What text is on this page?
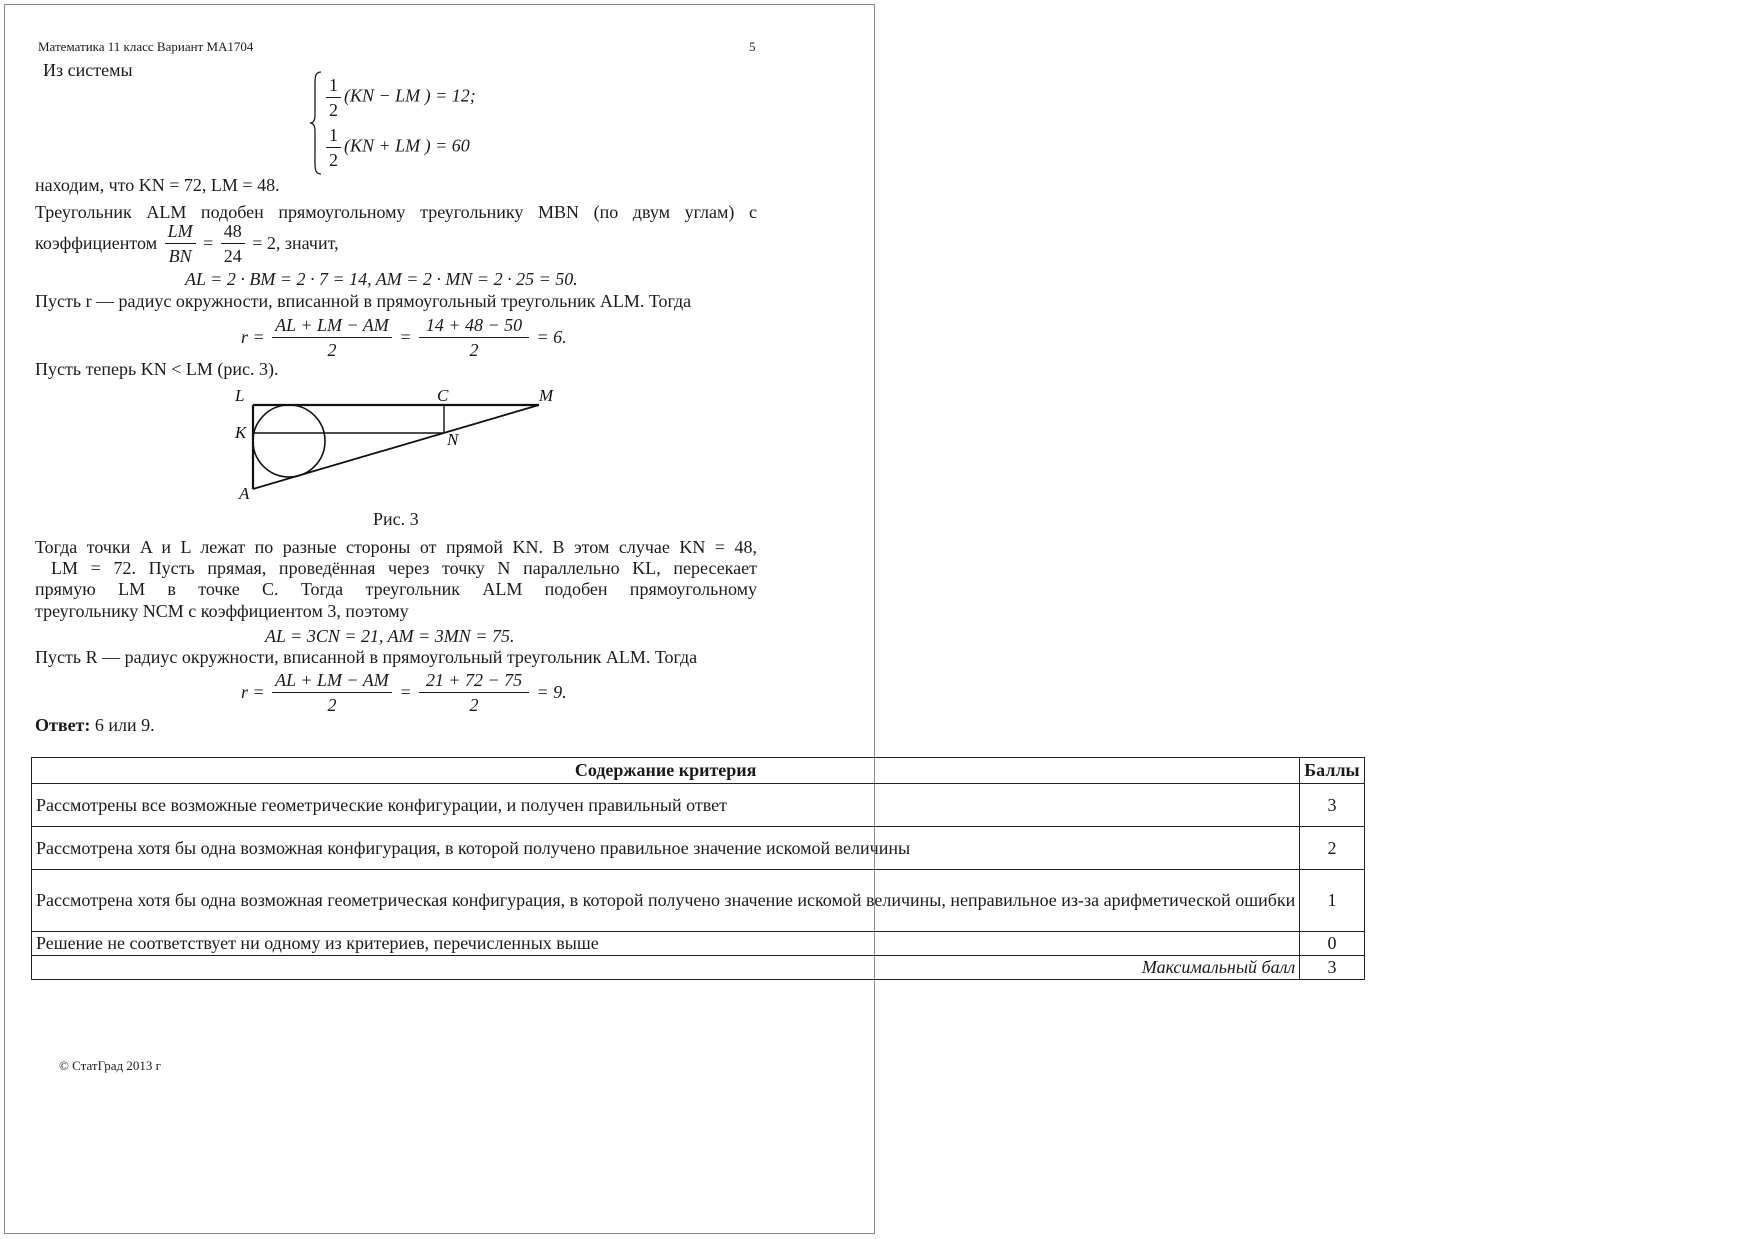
Математика 11 класс Вариант МА1704	5
Из системы
$\frac{1}{2} (KN$ − LM ) = 12;
$\frac{1}{2} (KN$ + LM ) = 60
находим, что KN = 72, LM = 48.
Треугольник ALM подобен прямоугольному треугольнику MBN (по двум углам) с
коэффициентом $\frac{LM}{BN} = \frac{48}{24} = 2$, значит,
AL = 2 · BM = 2 · 7 = 14, AM = 2 · MN = 2 · 25 = 50.
Пусть r — радиус окружности, вписанной в прямоугольный треугольник ALM. Тогда
$r = \frac{AL + LM - AM}{2} = \frac{14 + 48 - 50}{2} = 6$.
Пусть теперь KN < LM (рис. 3).
L	C	M
K	N
A
Рис. 3
Тогда точки A и L лежат по разные стороны от прямой KN. В этом случае KN = 48,
LM = 72. Пусть прямая, проведённая через точку N параллельно KL, пересекает
прямую LM в точке C. Тогда треугольник ALM подобен прямоугольному
треугольнику NCM с коэффициентом 3, поэтому
AL = 3CN = 21, AM = 3MN = 75.
Пусть R — радиус окружности, вписанной в прямоугольный треугольник ALM. Тогда
$r = \frac{AL + LM - AM}{2} = \frac{21 + 72 - 75}{2} = 9$.
Ответ: 6 или 9.
Содержание критерия	Баллы
Рассмотрены все возможные геометрические конфигурации, и получен правильный ответ	3
Рассмотрена хотя бы одна возможная конфигурация, в которой получено правильное значение искомой величины	2
Рассмотрена хотя бы одна возможная геометрическая конфигурация, в которой получено значение искомой величины, неправильное из-за арифметической ошибки	1
Решение не соответствует ни одному из критериев, перечисленных выше	0
Максимальный балл	3
© СтатГрад 2013 г
